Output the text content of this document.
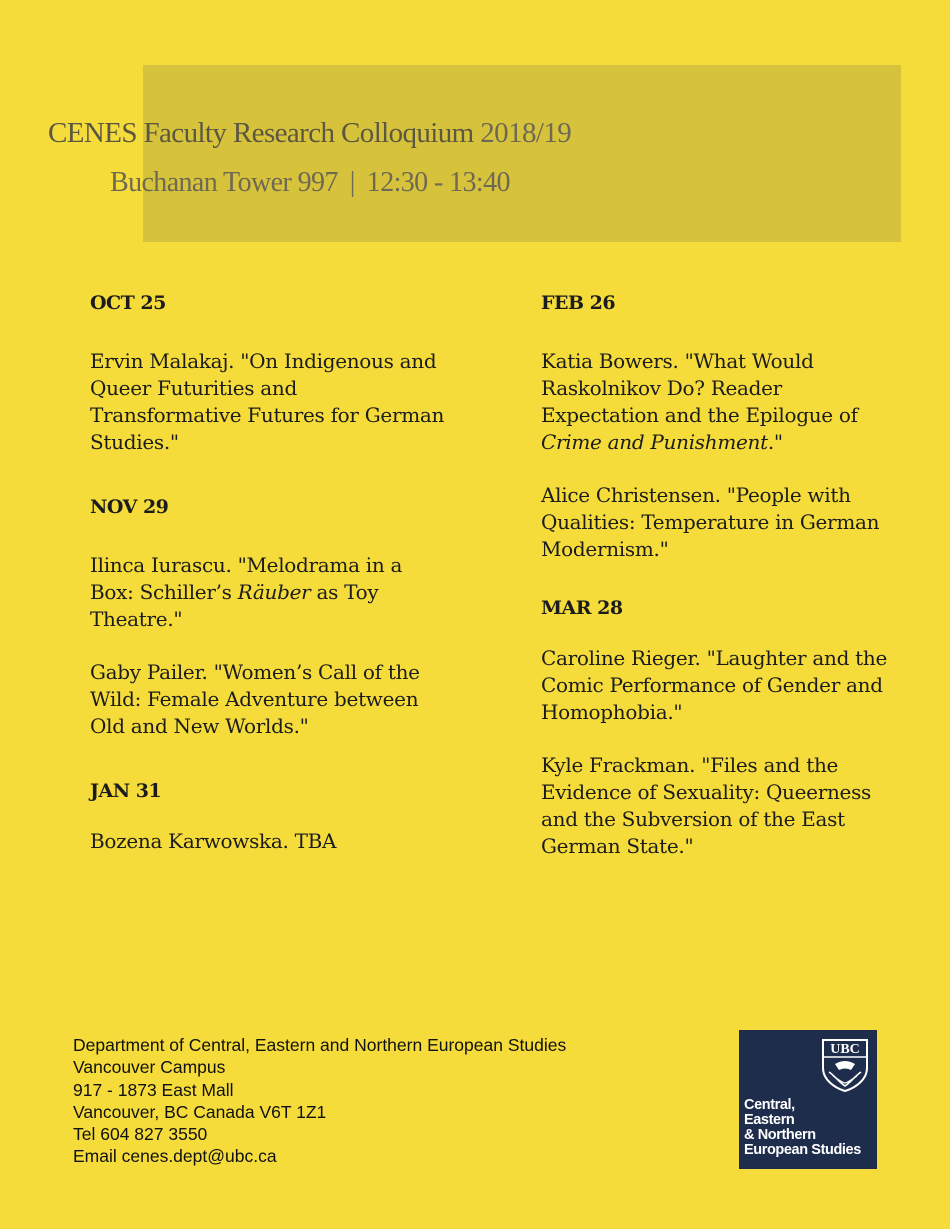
CENES Faculty Research Colloquium 2018/19
Buchanan Tower 997 | 12:30 - 13:40
OCT 25
Ervin Malakaj. "On Indigenous and Queer Futurities and Transformative Futures for German Studies."
NOV 29
Ilinca Iurascu. "Melodrama in a Box: Schiller’s Räuber as Toy Theatre."
Gaby Pailer. "Women’s Call of the Wild: Female Adventure between Old and New Worlds."
JAN 31
Bozena Karwowska. TBA
FEB 26
Katia Bowers. "What Would Raskolnikov Do? Reader Expectation and the Epilogue of Crime and Punishment."
Alice Christensen. "People with Qualities: Temperature in German Modernism."
MAR 28
Caroline Rieger. "Laughter and the Comic Performance of Gender and Homophobia."
Kyle Frackman. "Files and the Evidence of Sexuality: Queerness and the Subversion of the East German State."
Department of Central, Eastern and Northern European Studies
Vancouver Campus
917 - 1873 East Mall
Vancouver, BC Canada V6T 1Z1
Tel 604 827 3550
Email cenes.dept@ubc.ca
UBC
Central,
Eastern
& Northern
European Studies
